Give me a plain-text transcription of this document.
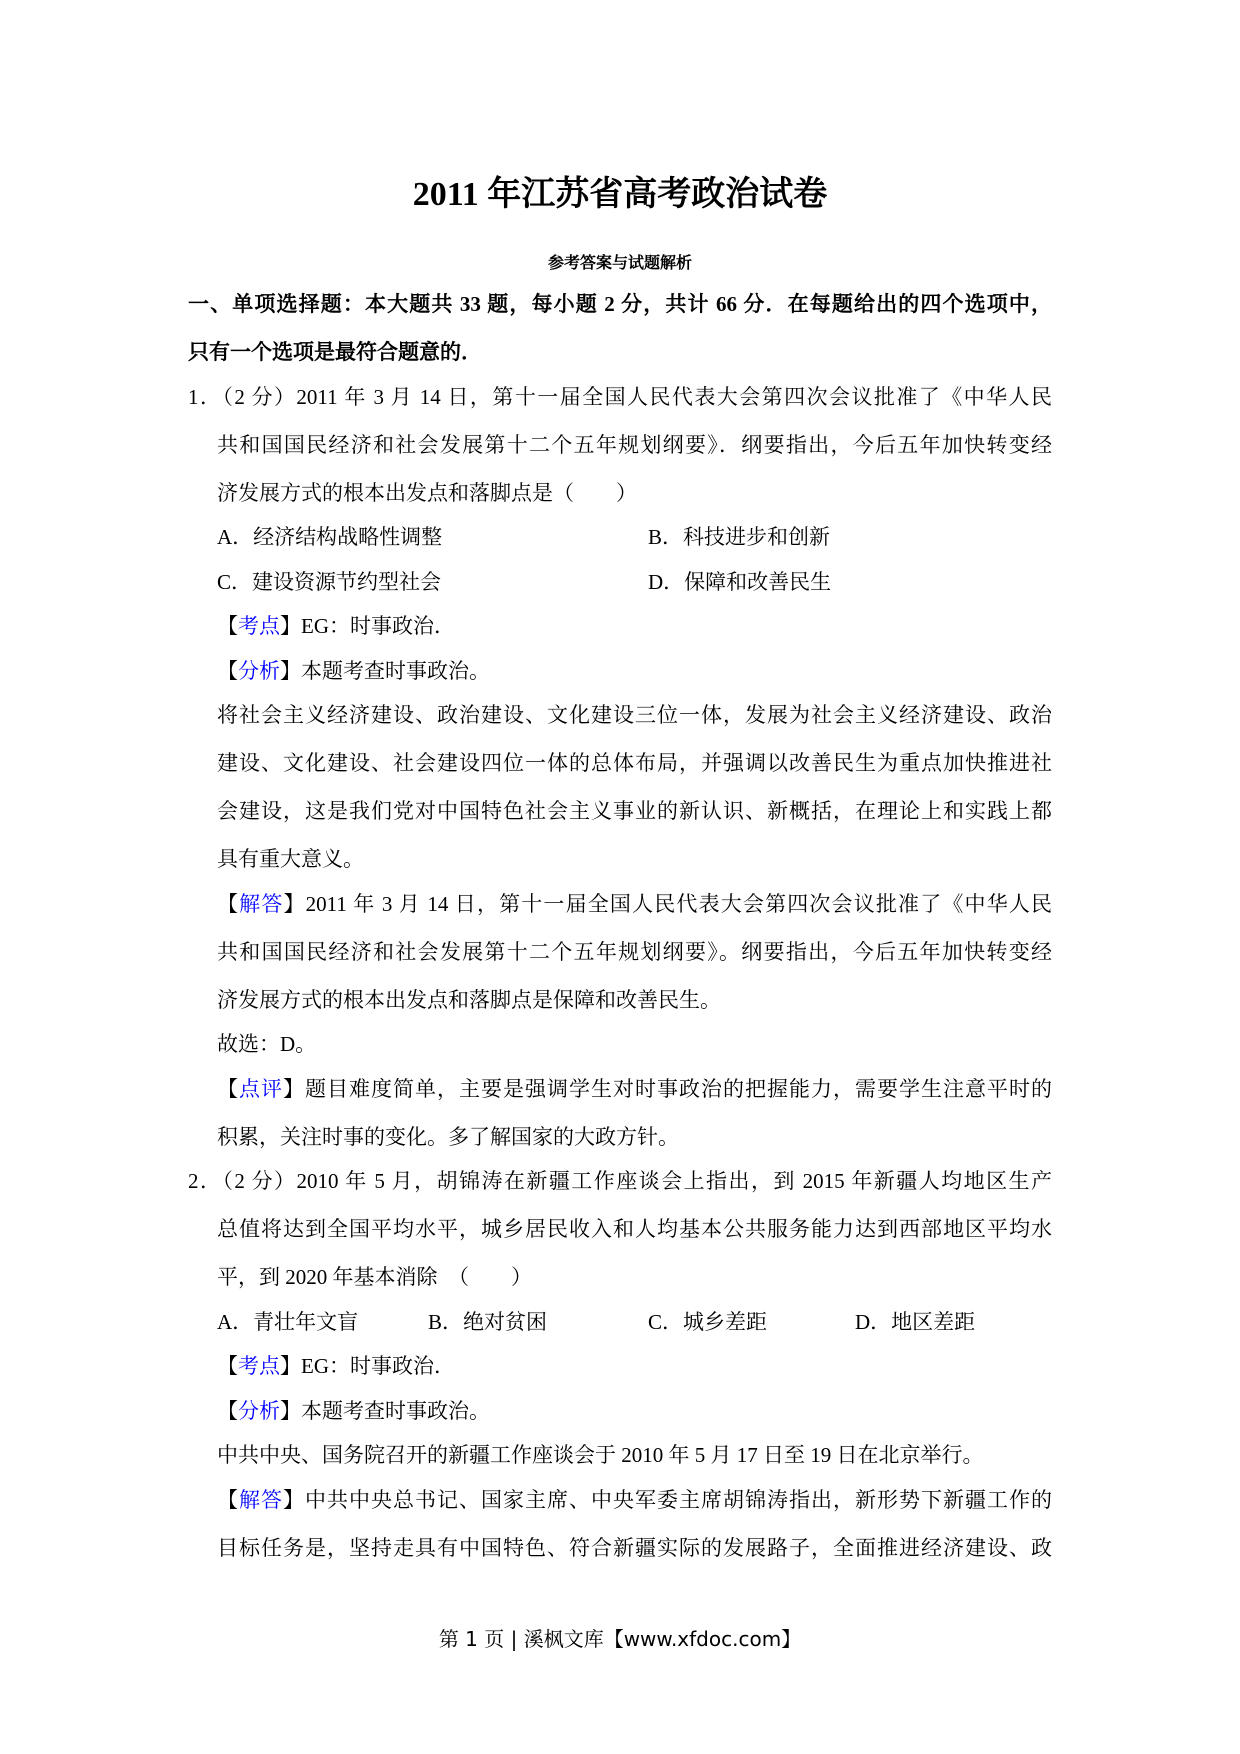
2011 年江苏省高考政治试卷
参考答案与试题解析
一、单项选择题：本大题共 33 题，每小题 2 分，共计 66 分．在每题给出的四个选项中，
只有一个选项是最符合题意的．
1．（2 分）2011 年 3 月 14 日，第十一届全国人民代表大会第四次会议批准了《中华人民
共和国国民经济和社会发展第十二个五年规划纲要》．纲要指出，今后五年加快转变经
济发展方式的根本出发点和落脚点是（　　）
A．经济结构战略性调整	B．科技进步和创新
C．建设资源节约型社会	D．保障和改善民生
【考点】EG：时事政治．
【分析】本题考查时事政治。
将社会主义经济建设、政治建设、文化建设三位一体，发展为社会主义经济建设、政治
建设、文化建设、社会建设四位一体的总体布局，并强调以改善民生为重点加快推进社
会建设，这是我们党对中国特色社会主义事业的新认识、新概括，在理论上和实践上都
具有重大意义。
【解答】2011 年 3 月 14 日，第十一届全国人民代表大会第四次会议批准了《中华人民
共和国国民经济和社会发展第十二个五年规划纲要》。纲要指出，今后五年加快转变经
济发展方式的根本出发点和落脚点是保障和改善民生。
故选：D。
【点评】题目难度简单，主要是强调学生对时事政治的把握能力，需要学生注意平时的
积累，关注时事的变化。多了解国家的大政方针。
2．（2 分）2010 年 5 月，胡锦涛在新疆工作座谈会上指出，到 2015 年新疆人均地区生产
总值将达到全国平均水平，城乡居民收入和人均基本公共服务能力达到西部地区平均水
平，到 2020 年基本消除　（　　）
A．青壮年文盲	B．绝对贫困	C．城乡差距	D．地区差距
【考点】EG：时事政治．
【分析】本题考查时事政治。
中共中央、国务院召开的新疆工作座谈会于 2010 年 5 月 17 日至 19 日在北京举行。
【解答】中共中央总书记、国家主席、中央军委主席胡锦涛指出，新形势下新疆工作的
目标任务是，坚持走具有中国特色、符合新疆实际的发展路子，全面推进经济建设、政
第 1 页 | 溪枫文库【www.xfdoc.com】
